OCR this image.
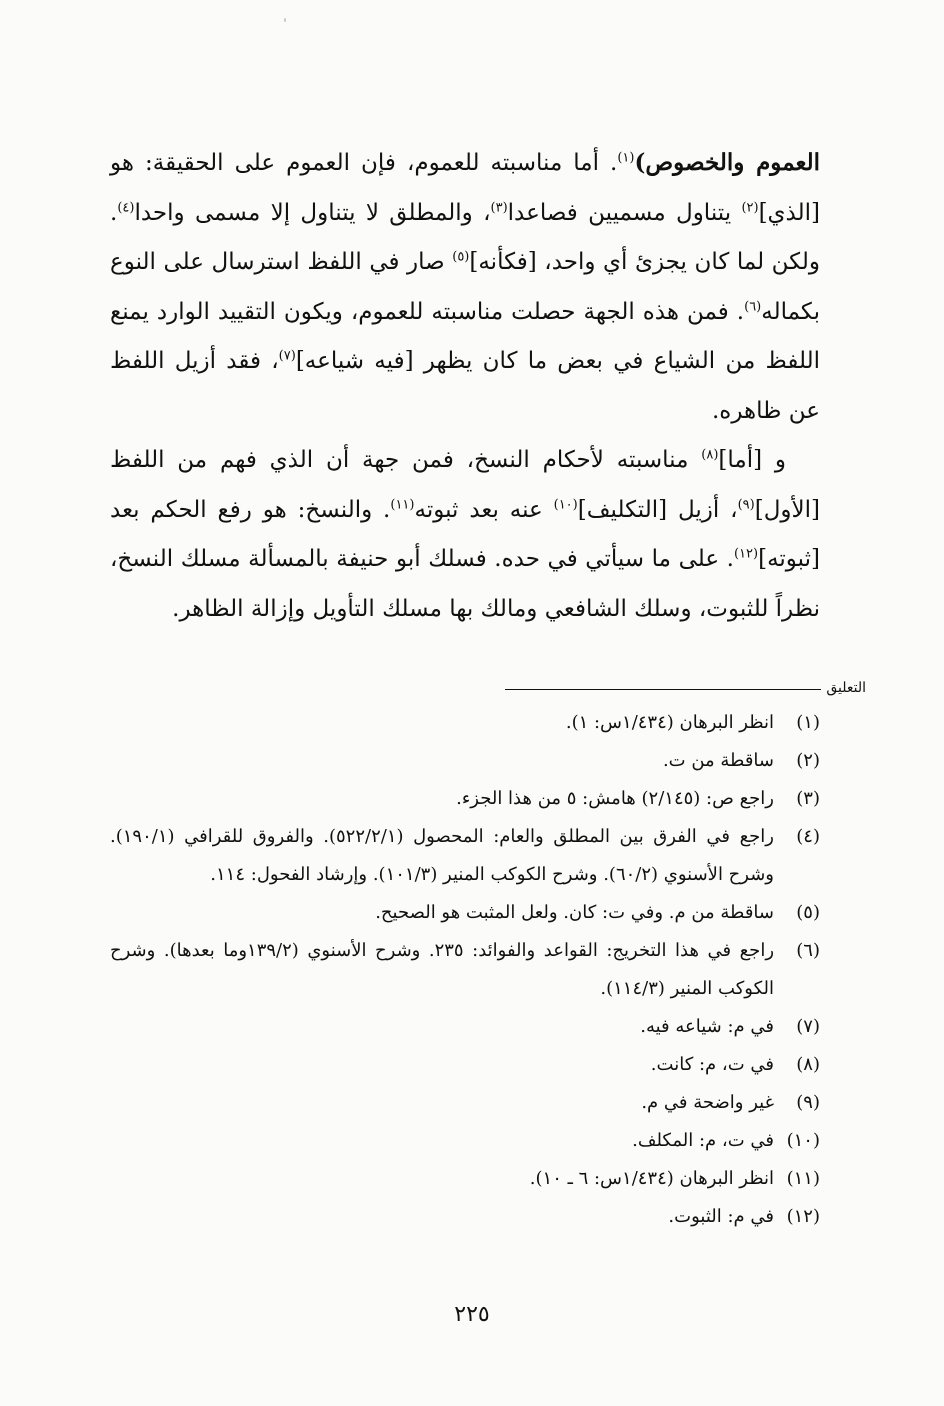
العموم والخصوص)$^{(١)}$. أما مناسبته للعموم، فإن العموم على الحقيقة: هو [الذي]$^{(٢)}$ يتناول مسميين فصاعدا$^{(٣)}$، والمطلق لا يتناول إلا مسمى واحدا$^{(٤)}$. ولكن لما كان يجزئ أي واحد، [فكأنه]$^{(٥)}$ صار في اللفظ استرسال على النوع بكماله$^{(٦)}$. فمن هذه الجهة حصلت مناسبته للعموم، ويكون التقييد الوارد يمنع اللفظ من الشياع في بعض ما كان يظهر [فيه شياعه]$^{(٧)}$، فقد أزيل اللفظ عن ظاهره.

و [أما]$^{(٨)}$ مناسبته لأحكام النسخ، فمن جهة أن الذي فهم من اللفظ [الأول]$^{(٩)}$، أزيل [التكليف]$^{(١٠)}$ عنه بعد ثبوته$^{(١١)}$. والنسخ: هو رفع الحكم بعد [ثبوته]$^{(١٢)}$. على ما سيأتي في حده. فسلك أبو حنيفة بالمسألة مسلك النسخ، نظراً للثبوت، وسلك الشافعي ومالك بها مسلك التأويل وإزالة الظاهر.

التعليق
(١)
انظر البرهان (١/٤٣٤س: ١).
(٢)
ساقطة من ت.
(٣)
راجع ص: (٢/١٤٥) هامش: ٥ من هذا الجزء.
(٤)
راجع في الفرق بين المطلق والعام: المحصول (٥٢٢/٢/١). والفروق للقرافي (١٩٠/١). وشرح الأسنوي (٦٠/٢). وشرح الكوكب المنير (١٠١/٣). وإرشاد الفحول: ١١٤.
(٥)
ساقطة من م. وفي ت: كان. ولعل المثبت هو الصحيح.
(٦)
راجع في هذا التخريج: القواعد والفوائد: ٢٣٥. وشرح الأسنوي (١٣٩/٢وما بعدها). وشرح الكوكب المنير (١١٤/٣).
(٧)
في م: شياعه فيه.
(٨)
في ت، م: كانت.
(٩)
غير واضحة في م.
(١٠)
في ت، م: المكلف.
(١١)
انظر البرهان (١/٤٣٤س: ٦ ـ ١٠).
(١٢)
في م: الثبوت.
٢٢٥
